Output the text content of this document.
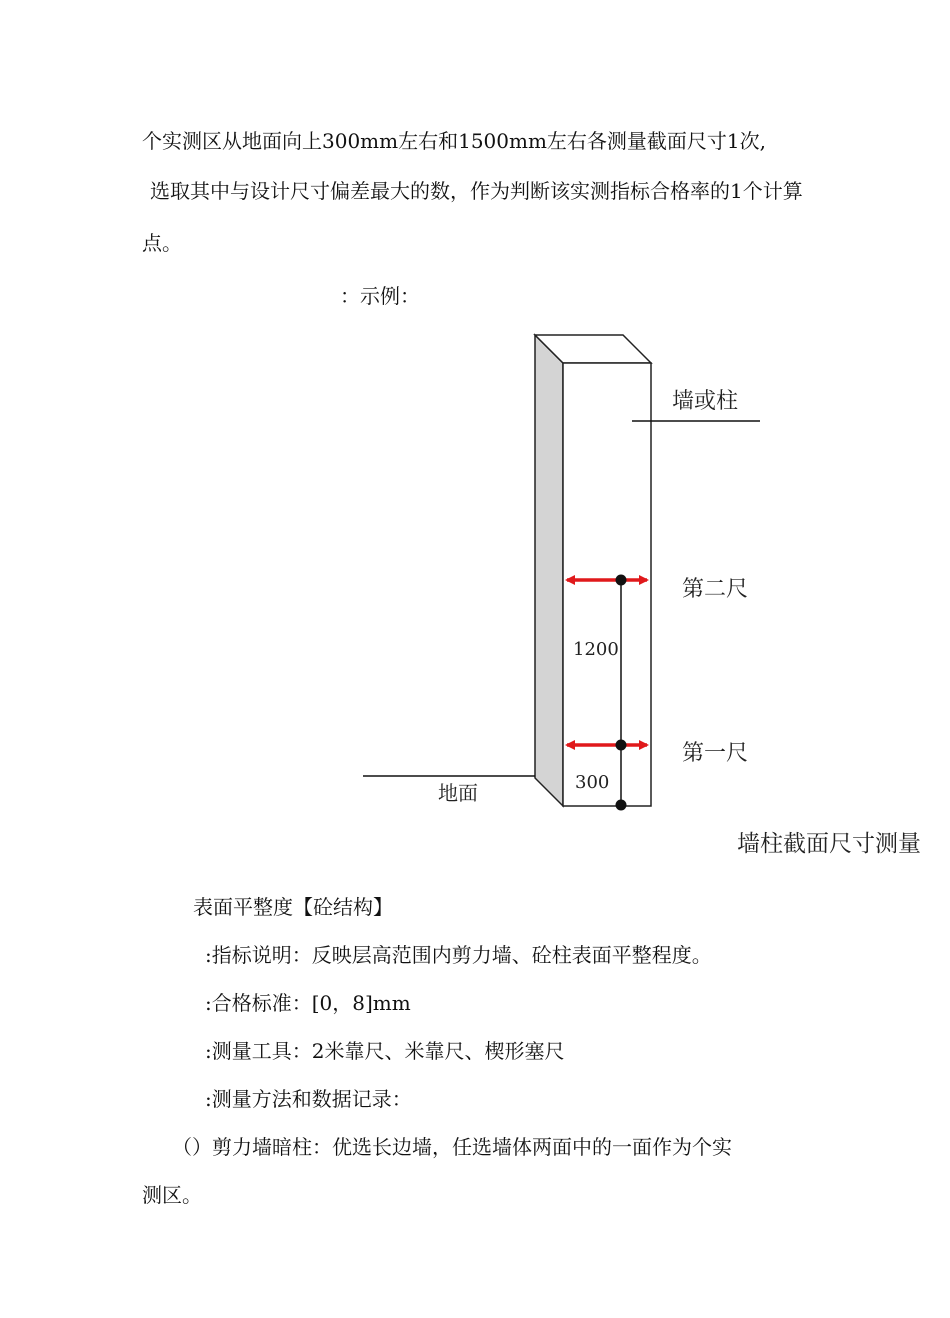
个实测区从地面向上300mm左右和1500mm左右各测量截面尺寸1次,
选取其中与设计尺寸偏差最大的数，作为判断该实测指标合格率的1个计算
点。
：示例：
墙或柱
第二尺
第一尺
1200
300
地面
墙柱截面尺寸测量
表面平整度【砼结构】
:指标说明：反映层高范围内剪力墙、砼柱表面平整程度。
:合格标准：[0，8]mm
:测量工具：2米靠尺、米靠尺、楔形塞尺
:测量方法和数据记录：
（）剪力墙暗柱：优选长边墙，任选墙体两面中的一面作为个实
测区。
